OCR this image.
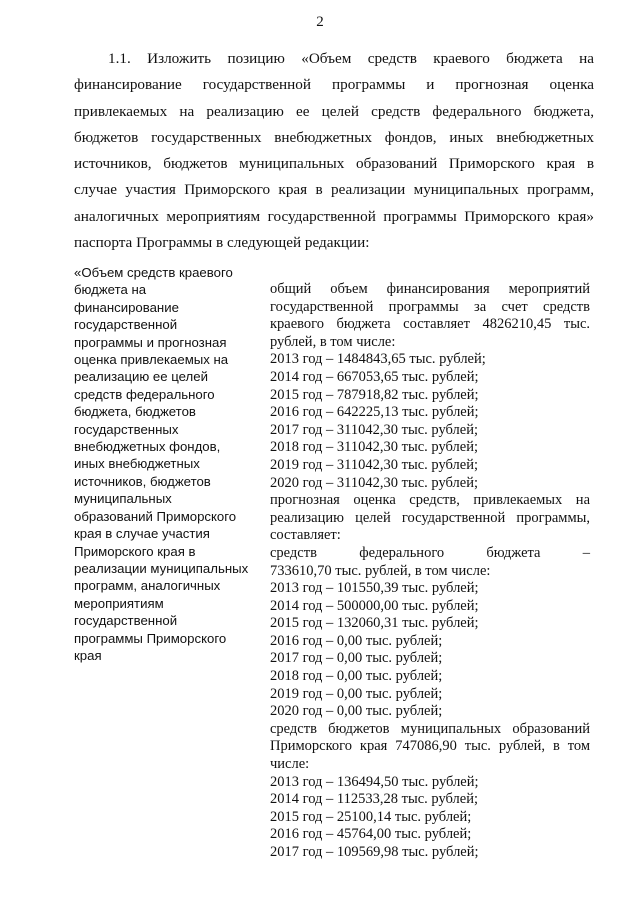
2
1.1. Изложить позицию «Объем средств краевого бюджета на
финансирование государственной программы и прогнозная оценка
привлекаемых на реализацию ее целей средств федерального бюджета,
бюджетов государственных внебюджетных фондов, иных внебюджетных
источников, бюджетов муниципальных образований Приморского края в
случае участия Приморского края в реализации муниципальных программ,
аналогичных мероприятиям государственной программы Приморского края»
паспорта Программы в следующей редакции:
«Объем средств краевого
бюджета на
финансирование
государственной
программы и прогнозная
оценка привлекаемых на
реализацию ее целей
средств федерального
бюджета, бюджетов
государственных
внебюджетных фондов,
иных внебюджетных
источников, бюджетов
муниципальных
образований Приморского
края в случае участия
Приморского края в
реализации муниципальных
программ, аналогичных
мероприятиям
государственной
программы Приморского
края
общий объем финансирования мероприятий
государственной программы за счет средств
краевого бюджета составляет 4826210,45 тыс.
рублей, в том числе:
2013 год – 1484843,65 тыс. рублей;
2014 год – 667053,65 тыс. рублей;
2015 год – 787918,82 тыс. рублей;
2016 год – 642225,13 тыс. рублей;
2017 год – 311042,30 тыс. рублей;
2018 год – 311042,30 тыс. рублей;
2019 год – 311042,30 тыс. рублей;
2020 год – 311042,30 тыс. рублей;
прогнозная оценка средств, привлекаемых на
реализацию целей государственной программы,
составляет:
средств федерального бюджета –
733610,70 тыс. рублей, в том числе:
2013 год – 101550,39 тыс. рублей;
2014 год – 500000,00 тыс. рублей;
2015 год – 132060,31 тыс. рублей;
2016 год – 0,00 тыс. рублей;
2017 год – 0,00 тыс. рублей;
2018 год – 0,00 тыс. рублей;
2019 год – 0,00 тыс. рублей;
2020 год – 0,00 тыс. рублей;
средств бюджетов муниципальных образований
Приморского края 747086,90 тыс. рублей, в том
числе:
2013 год – 136494,50 тыс. рублей;
2014 год – 112533,28 тыс. рублей;
2015 год – 25100,14 тыс. рублей;
2016 год – 45764,00 тыс. рублей;
2017 год – 109569,98 тыс. рублей;
